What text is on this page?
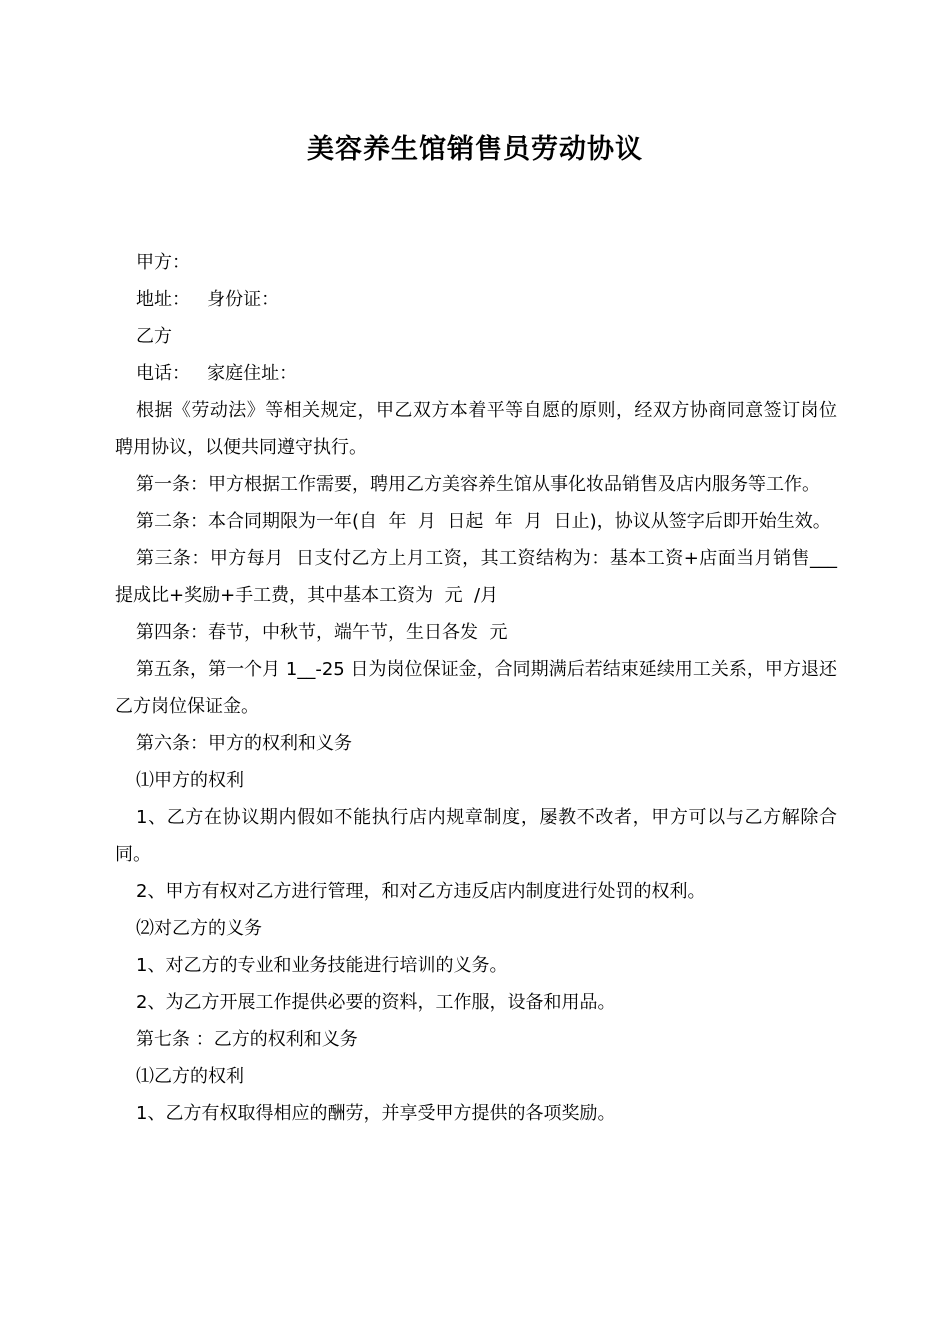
美容养生馆销售员劳动协议

甲方：

地址：   身份证：

乙方

电话：   家庭住址：

根据《劳动法》等相关规定，甲乙双方本着平等自愿的原则，经双方协商同意签订岗位聘用协议，以便共同遵守执行。

第一条：甲方根据工作需要，聘用乙方美容养生馆从事化妆品销售及店内服务等工作。

第二条：本合同期限为一年(自  年  月  日起  年  月  日止)，协议从签字后即开始生效。

第三条：甲方每月  日支付乙方上月工资，其工资结构为：基本工资+店面当月销售___提成比+奖励+手工费，其中基本工资为  元  /月

第四条：春节，中秋节，端午节，生日各发  元

第五条，第一个月 1__-25 日为岗位保证金，合同期满后若结束延续用工关系，甲方退还乙方岗位保证金。

第六条：甲方的权利和义务

⑴甲方的权利

1、乙方在协议期内假如不能执行店内规章制度，屡教不改者，甲方可以与乙方解除合同。

2、甲方有权对乙方进行管理，和对乙方违反店内制度进行处罚的权利。

⑵对乙方的义务

1、对乙方的专业和业务技能进行培训的义务。

2、为乙方开展工作提供必要的资料，工作服，设备和用品。

第七条 ：乙方的权利和义务

⑴乙方的权利

1、乙方有权取得相应的酬劳，并享受甲方提供的各项奖励。
